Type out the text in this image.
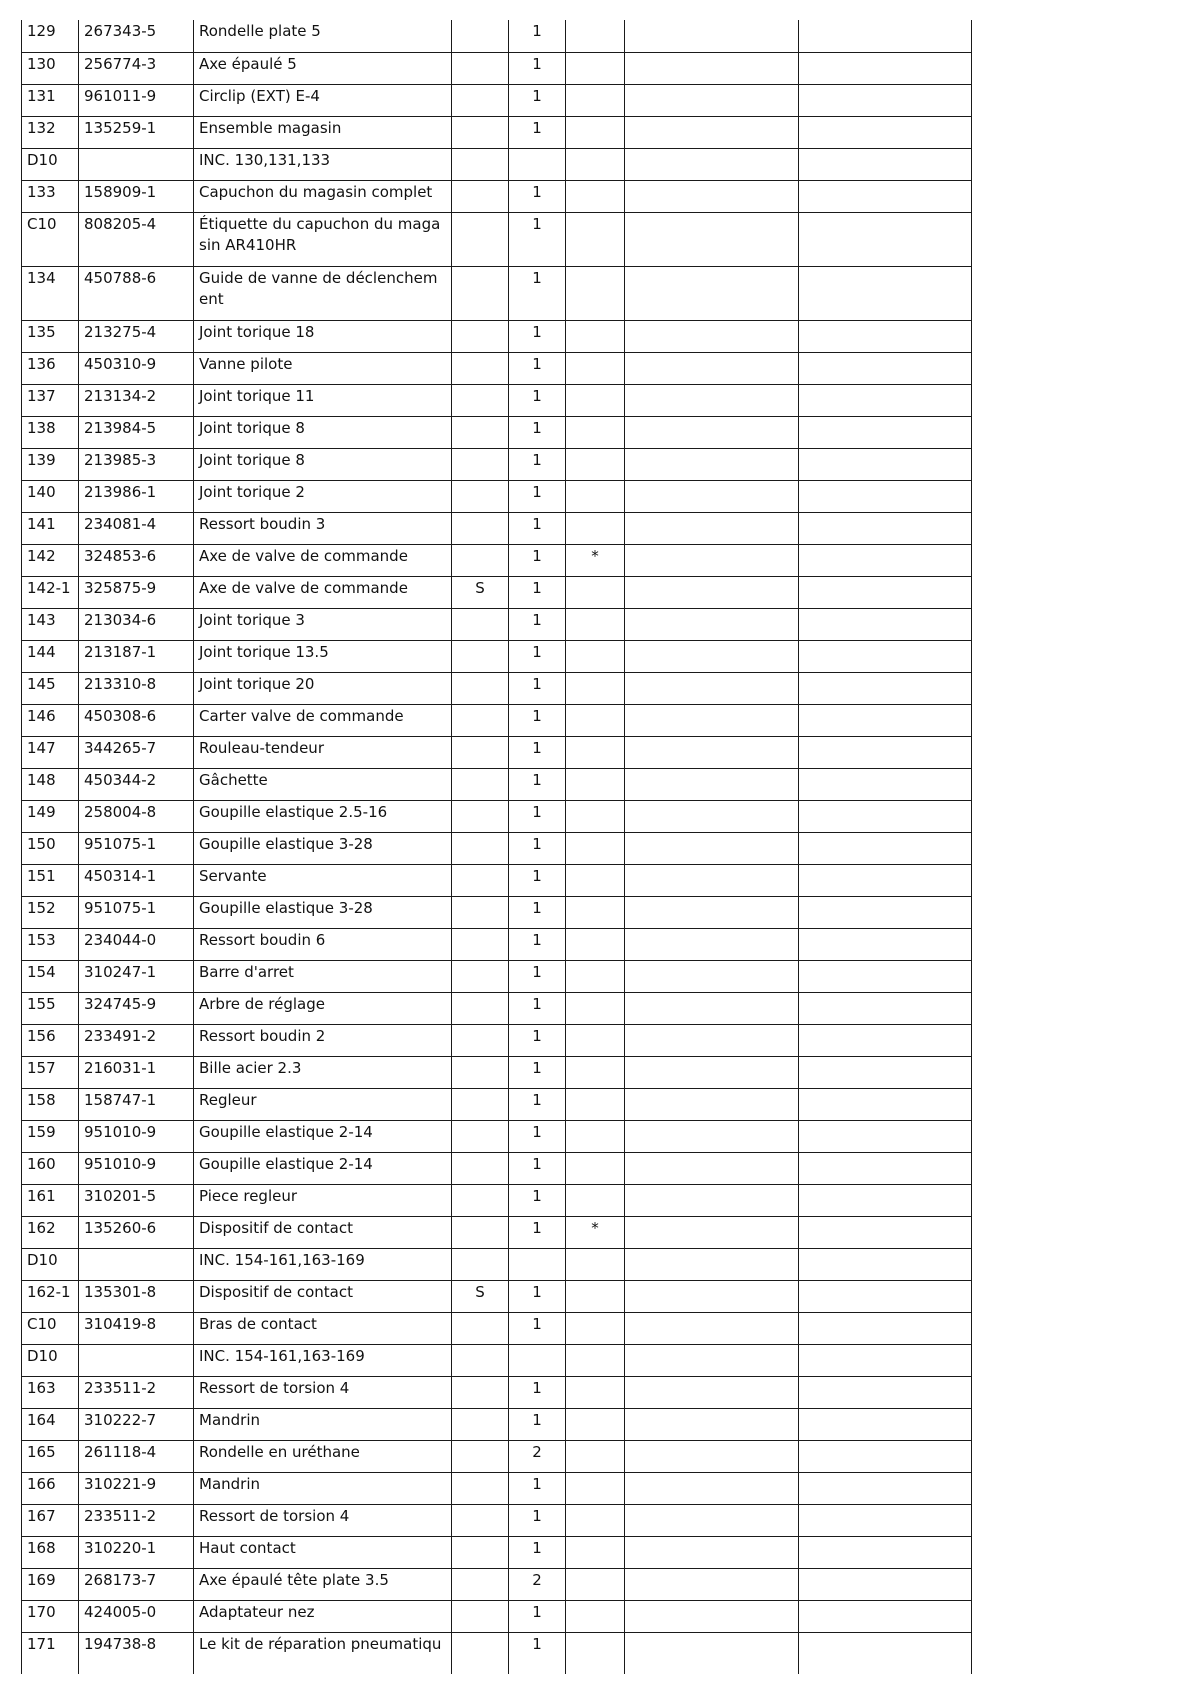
129	267343-5	Rondelle plate 5		1			
130	256774-3	Axe épaulé 5		1			
131	961011-9	Circlip (EXT) E-4		1			
132	135259-1	Ensemble magasin		1			
D10		INC. 130,131,133					
133	158909-1	Capuchon du magasin complet		1			
C10	808205-4	Étiquette du capuchon du magasin AR410HR		1			
134	450788-6	Guide de vanne de déclenchement		1			
135	213275-4	Joint torique 18		1			
136	450310-9	Vanne pilote		1			
137	213134-2	Joint torique 11		1			
138	213984-5	Joint torique 8		1			
139	213985-3	Joint torique 8		1			
140	213986-1	Joint torique 2		1			
141	234081-4	Ressort boudin 3		1			
142	324853-6	Axe de valve de commande		1	*		
142-1	325875-9	Axe de valve de commande	S	1			
143	213034-6	Joint torique 3		1			
144	213187-1	Joint torique 13.5		1			
145	213310-8	Joint torique 20		1			
146	450308-6	Carter valve de commande		1			
147	344265-7	Rouleau-tendeur		1			
148	450344-2	Gâchette		1			
149	258004-8	Goupille elastique 2.5-16		1			
150	951075-1	Goupille elastique 3-28		1			
151	450314-1	Servante		1			
152	951075-1	Goupille elastique 3-28		1			
153	234044-0	Ressort boudin 6		1			
154	310247-1	Barre d'arret		1			
155	324745-9	Arbre de réglage		1			
156	233491-2	Ressort boudin 2		1			
157	216031-1	Bille acier 2.3		1			
158	158747-1	Regleur		1			
159	951010-9	Goupille elastique 2-14		1			
160	951010-9	Goupille elastique 2-14		1			
161	310201-5	Piece regleur		1			
162	135260-6	Dispositif de contact		1	*		
D10		INC. 154-161,163-169					
162-1	135301-8	Dispositif de contact	S	1			
C10	310419-8	Bras de contact		1			
D10		INC. 154-161,163-169					
163	233511-2	Ressort de torsion 4		1			
164	310222-7	Mandrin		1			
165	261118-4	Rondelle en uréthane		2			
166	310221-9	Mandrin		1			
167	233511-2	Ressort de torsion 4		1			
168	310220-1	Haut contact		1			
169	268173-7	Axe épaulé tête plate 3.5		2			
170	424005-0	Adaptateur nez		1			
171	194738-8	Le kit de réparation pneumatiqu		1			
